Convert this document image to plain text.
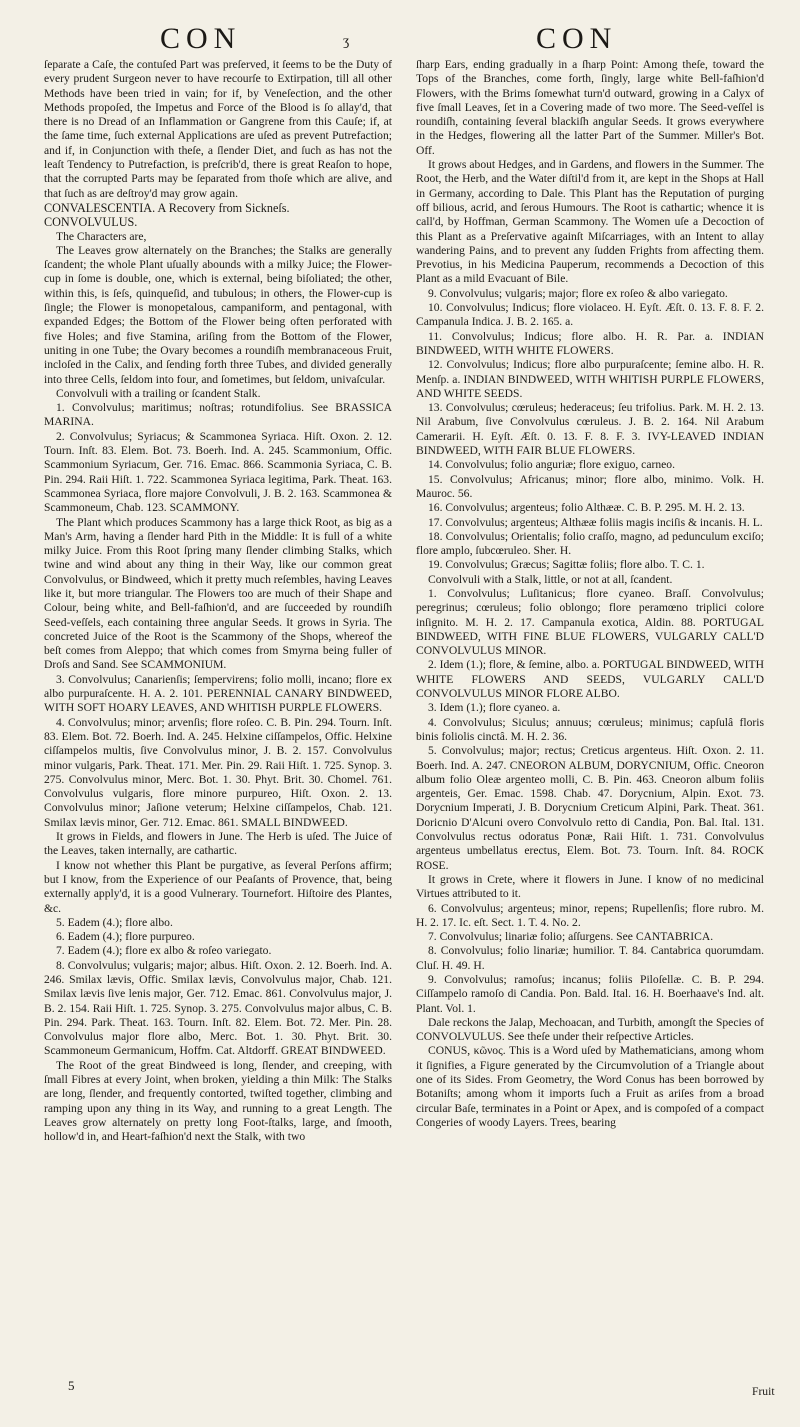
CON	ʒ	CON

ſeparate a Caſe, the contuſed Part was preſerved, it ſeems to be the Duty of every prudent Surgeon never to have recourſe to Extirpation, till all other Methods have been tried in vain; for if, by Veneſection, and the other Methods propoſed, the Impetus and Force of the Blood is ſo allay'd, that there is no Dread of an Inflammation or Gangrene from this Cauſe; if, at the ſame time, ſuch external Applications are uſed as prevent Putrefaction; and if, in Conjunction with theſe, a ſlender Diet, and ſuch as has not the leaſt Tendency to Putrefaction, is preſcrib'd, there is great Reaſon to hope, that the corrupted Parts may be ſeparated from thoſe which are alive, and that ſuch as are deſtroy'd may grow again.

CONVALESCENTIA. A Recovery from Sickneſs.

CONVOLVULUS.

The Characters are,

The Leaves grow alternately on the Branches; the Stalks are generally ſcandent; the whole Plant uſually abounds with a milky Juice; the Flower-cup in ſome is double, one, which is external, being biſoliated; the other, within this, is ſeſs, quinqueſid, and tubulous; in others, the Flower-cup is ſingle; the Flower is monopetalous, campaniform, and pentagonal, with expanded Edges; the Bottom of the Flower being often perforated with five Holes; and five Stamina, ariſing from the Bottom of the Flower, uniting in one Tube; the Ovary becomes a roundiſh membranaceous Fruit, incloſed in the Calix, and ſending forth three Tubes, and divided generally into three Cells, ſeldom into four, and ſometimes, but ſeldom, univaſcular.

Convolvuli with a trailing or ſcandent Stalk.

1. Convolvulus; maritimus; noſtras; rotundifolius. See BRASSICA MARINA.

2. Convolvulus; Syriacus; & Scammonea Syriaca. Hiſt. Oxon. 2. 12. Tourn. Inſt. 83. Elem. Bot. 73. Boerh. Ind. A. 245. Scammonium, Offic. Scammonium Syriacum, Ger. 716. Emac. 866. Scammonia Syriaca, C. B. Pin. 294. Raii Hiſt. 1. 722. Scammonea Syriaca legitima, Park. Theat. 163. Scammonea Syriaca, flore majore Convolvuli, J. B. 2. 163. Scammonea & Scammoneum, Chab. 123. SCAMMONY.

The Plant which produces Scammony has a large thick Root, as big as a Man's Arm, having a ſlender hard Pith in the Middle: It is full of a white milky Juice. From this Root ſpring many ſlender climbing Stalks, which twine and wind about any thing in their Way, like our common great Convolvulus, or Bindweed, which it pretty much reſembles, having Leaves like it, but more triangular. The Flowers too are much of their Shape and Colour, being white, and Bell-faſhion'd, and are ſucceeded by roundiſh Seed-veſſels, each containing three angular Seeds. It grows in Syria. The concreted Juice of the Root is the Scammony of the Shops, whereof the beſt comes from Aleppo; that which comes from Smyrna being fuller of Droſs and Sand. See SCAMMONIUM.

3. Convolvulus; Canarienſis; ſempervirens; folio molli, incano; flore ex albo purpuraſcente. H. A. 2. 101. PERENNIAL CANARY BINDWEED, WITH SOFT HOARY LEAVES, AND WHITISH PURPLE FLOWERS.

4. Convolvulus; minor; arvenſis; flore roſeo. C. B. Pin. 294. Tourn. Inſt. 83. Elem. Bot. 72. Boerh. Ind. A. 245. Helxine ciſſampelos, Offic. Helxine ciſſampelos multis, ſive Convolvulus minor, J. B. 2. 157. Convolvulus minor vulgaris, Park. Theat. 171. Mer. Pin. 29. Raii Hiſt. 1. 725. Synop. 3. 275. Convolvulus minor, Merc. Bot. 1. 30. Phyt. Brit. 30. Chomel. 761. Convolvulus vulgaris, flore minore purpureo, Hiſt. Oxon. 2. 13. Convolvulus minor; Jaſione veterum; Helxine ciſſampelos, Chab. 121. Smilax lævis minor, Ger. 712. Emac. 861. SMALL BINDWEED.

It grows in Fields, and flowers in June. The Herb is uſed. The Juice of the Leaves, taken internally, are cathartic.

I know not whether this Plant be purgative, as ſeveral Perſons affirm; but I know, from the Experience of our Peaſants of Provence, that, being externally apply'd, it is a good Vulnerary. Tournefort. Hiſtoire des Plantes, &c.

5. Eadem (4.); flore albo.

6. Eadem (4.); flore purpureo.

7. Eadem (4.); flore ex albo & roſeo variegato.

8. Convolvulus; vulgaris; major; albus. Hiſt. Oxon. 2. 12. Boerh. Ind. A. 246. Smilax lævis, Offic. Smilax lævis, Convolvulus major, Chab. 121. Smilax lævis ſive lenis major, Ger. 712. Emac. 861. Convolvulus major, J. B. 2. 154. Raii Hiſt. 1. 725. Synop. 3. 275. Convolvulus major albus, C. B. Pin. 294. Park. Theat. 163. Tourn. Inſt. 82. Elem. Bot. 72. Mer. Pin. 28. Convolvulus major flore albo, Merc. Bot. 1. 30. Phyt. Brit. 30. Scammoneum Germanicum, Hoffm. Cat. Altdorff. GREAT BINDWEED.

The Root of the great Bindweed is long, ſlender, and creeping, with ſmall Fibres at every Joint, when broken, yielding a thin Milk: The Stalks are long, ſlender, and frequently contorted, twiſted together, climbing and ramping upon any thing in its Way, and running to a great Length. The Leaves grow alternately on pretty long Foot-ſtalks, large, and ſmooth, hollow'd in, and Heart-faſhion'd next the Stalk, with two

ſharp Ears, ending gradually in a ſharp Point: Among theſe, toward the Tops of the Branches, come forth, ſingly, large white Bell-faſhion'd Flowers, with the Brims ſomewhat turn'd outward, growing in a Calyx of five ſmall Leaves, ſet in a Covering made of two more. The Seed-veſſel is roundiſh, containing ſeveral blackiſh angular Seeds. It grows everywhere in the Hedges, flowering all the latter Part of the Summer. Miller's Bot. Off.

It grows about Hedges, and in Gardens, and flowers in the Summer. The Root, the Herb, and the Water diſtil'd from it, are kept in the Shops at Hall in Germany, according to Dale. This Plant has the Reputation of purging off bilious, acrid, and ſerous Humours. The Root is cathartic; whence it is call'd, by Hoffman, German Scammony. The Women uſe a Decoction of this Plant as a Preſervative againſt Miſcarriages, with an Intent to allay wandering Pains, and to prevent any ſudden Frights from affecting them. Prevotius, in his Medicina Pauperum, recommends a Decoction of this Plant as a mild Evacuant of Bile.

9. Convolvulus; vulgaris; major; flore ex roſeo & albo variegato.

10. Convolvulus; Indicus; flore violaceo. H. Eyſt. Æſt. 0. 13. F. 8. F. 2. Campanula Indica. J. B. 2. 165. a.

11. Convolvulus; Indicus; flore albo. H. R. Par. a. INDIAN BINDWEED, WITH WHITE FLOWERS.

12. Convolvulus; Indicus; flore albo purpuraſcente; ſemine albo. H. R. Menſp. a. INDIAN BINDWEED, WITH WHITISH PURPLE FLOWERS, AND WHITE SEEDS.

13. Convolvulus; cœruleus; hederaceus; ſeu trifolius. Park. M. H. 2. 13. Nil Arabum, ſive Convolvulus cœruleus. J. B. 2. 164. Nil Arabum Camerarii. H. Eyſt. Æſt. 0. 13. F. 8. F. 3. IVY-LEAVED INDIAN BINDWEED, WITH FAIR BLUE FLOWERS.

14. Convolvulus; folio anguriæ; flore exiguo, carneo.

15. Convolvulus; Africanus; minor; flore albo, minimo. Volk. H. Mauroc. 56.

16. Convolvulus; argenteus; folio Althææ. C. B. P. 295. M. H. 2. 13.

17. Convolvulus; argenteus; Althææ foliis magis inciſis & incanis. H. L.

18. Convolvulus; Orientalis; folio craſſo, magno, ad pedunculum exciſo; flore amplo, ſubcœruleo. Sher. H.

19. Convolvulus; Græcus; Sagittæ foliis; flore albo. T. C. 1.

Convolvuli with a Stalk, little, or not at all, ſcandent.

1. Convolvulus; Luſitanicus; flore cyaneo. Braſſ. Convolvulus; peregrinus; cœruleus; folio oblongo; flore peramœno triplici colore inſignito. M. H. 2. 17. Campanula exotica, Aldin. 88. PORTUGAL BINDWEED, WITH FINE BLUE FLOWERS, VULGARLY CALL'D CONVOLVULUS MINOR.

2. Idem (1.); flore, & ſemine, albo. a. PORTUGAL BINDWEED, WITH WHITE FLOWERS AND SEEDS, VULGARLY CALL'D CONVOLVULUS MINOR FLORE ALBO.

3. Idem (1.); flore cyaneo. a.

4. Convolvulus; Siculus; annuus; cœruleus; minimus; capſulâ floris binis foliolis cinctâ. M. H. 2. 36.

5. Convolvulus; major; rectus; Creticus argenteus. Hiſt. Oxon. 2. 11. Boerh. Ind. A. 247. CNEORON ALBUM, DORYCNIUM, Offic. Cneoron album folio Oleæ argenteo molli, C. B. Pin. 463. Cneoron album foliis argenteis, Ger. Emac. 1598. Chab. 47. Dorycnium, Alpin. Exot. 73. Dorycnium Imperati, J. B. Dorycnium Creticum Alpini, Park. Theat. 361. Doricnio D'Alcuni overo Convolvulo retto di Candia, Pon. Bal. Ital. 131. Convolvulus rectus odoratus Ponæ, Raii Hiſt. 1. 731. Convolvulus argenteus umbellatus erectus, Elem. Bot. 73. Tourn. Inſt. 84. ROCK ROSE.

It grows in Crete, where it flowers in June. I know of no medicinal Virtues attributed to it.

6. Convolvulus; argenteus; minor, repens; Rupellenſis; flore rubro. M. H. 2. 17. Ic. eſt. Sect. 1. T. 4. No. 2.

7. Convolvulus; linariæ folio; aſſurgens. See CANTABRICA.

8. Convolvulus; folio linariæ; humilior. T. 84. Cantabrica quorumdam. Cluſ. H. 49. H.

9. Convolvulus; ramoſus; incanus; foliis Piloſellæ. C. B. P. 294. Ciſſampelo ramoſo di Candia. Pon. Bald. Ital. 16. H. Boerhaave's Ind. alt. Plant. Vol. 1.

Dale reckons the Jalap, Mechoacan, and Turbith, amongſt the Species of CONVOLVULUS. See theſe under their reſpective Articles.

CONUS, κῶνος. This is a Word uſed by Mathematicians, among whom it ſignifies, a Figure generated by the Circumvolution of a Triangle about one of its Sides. From Geometry, the Word Conus has been borrowed by Botaniſts; among whom it imports ſuch a Fruit as ariſes from a broad circular Baſe, terminates in a Point or Apex, and is compoſed of a compact Congeries of woody Layers. Trees, bearing

5	Fruit
